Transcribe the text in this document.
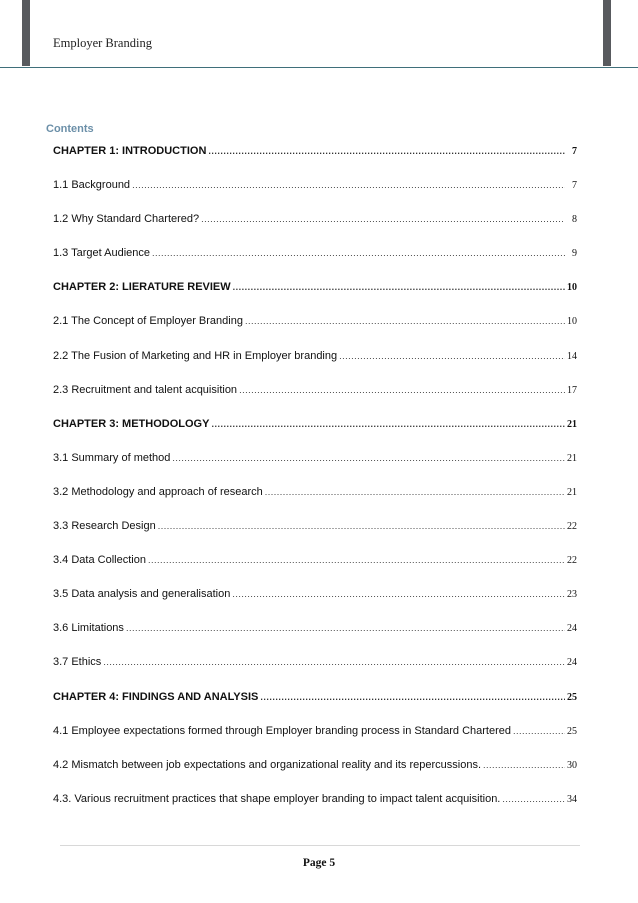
Employer Branding
Contents
CHAPTER 1: INTRODUCTION .....	7
1.1 Background .....	7
1.2 Why Standard Chartered? .....	8
1.3 Target Audience .....	9
CHAPTER 2: LIERATURE REVIEW .....	10
2.1 The Concept of Employer Branding .....	10
2.2 The Fusion of Marketing and HR in Employer branding .....	14
2.3 Recruitment and talent acquisition .....	17
CHAPTER 3: METHODOLOGY .....	21
3.1 Summary of method .....	21
3.2 Methodology and approach of research .....	21
3.3 Research Design .....	22
3.4 Data Collection .....	22
3.5 Data analysis and generalisation .....	23
3.6 Limitations .....	24
3.7 Ethics .....	24
CHAPTER 4: FINDINGS AND ANALYSIS .....	25
4.1 Employee expectations formed through Employer branding process in Standard Chartered .....	25
4.2 Mismatch between job expectations and organizational reality and its repercussions. .....	30
4.3. Various recruitment practices that shape employer branding to impact talent acquisition. .....	34
Page 5
